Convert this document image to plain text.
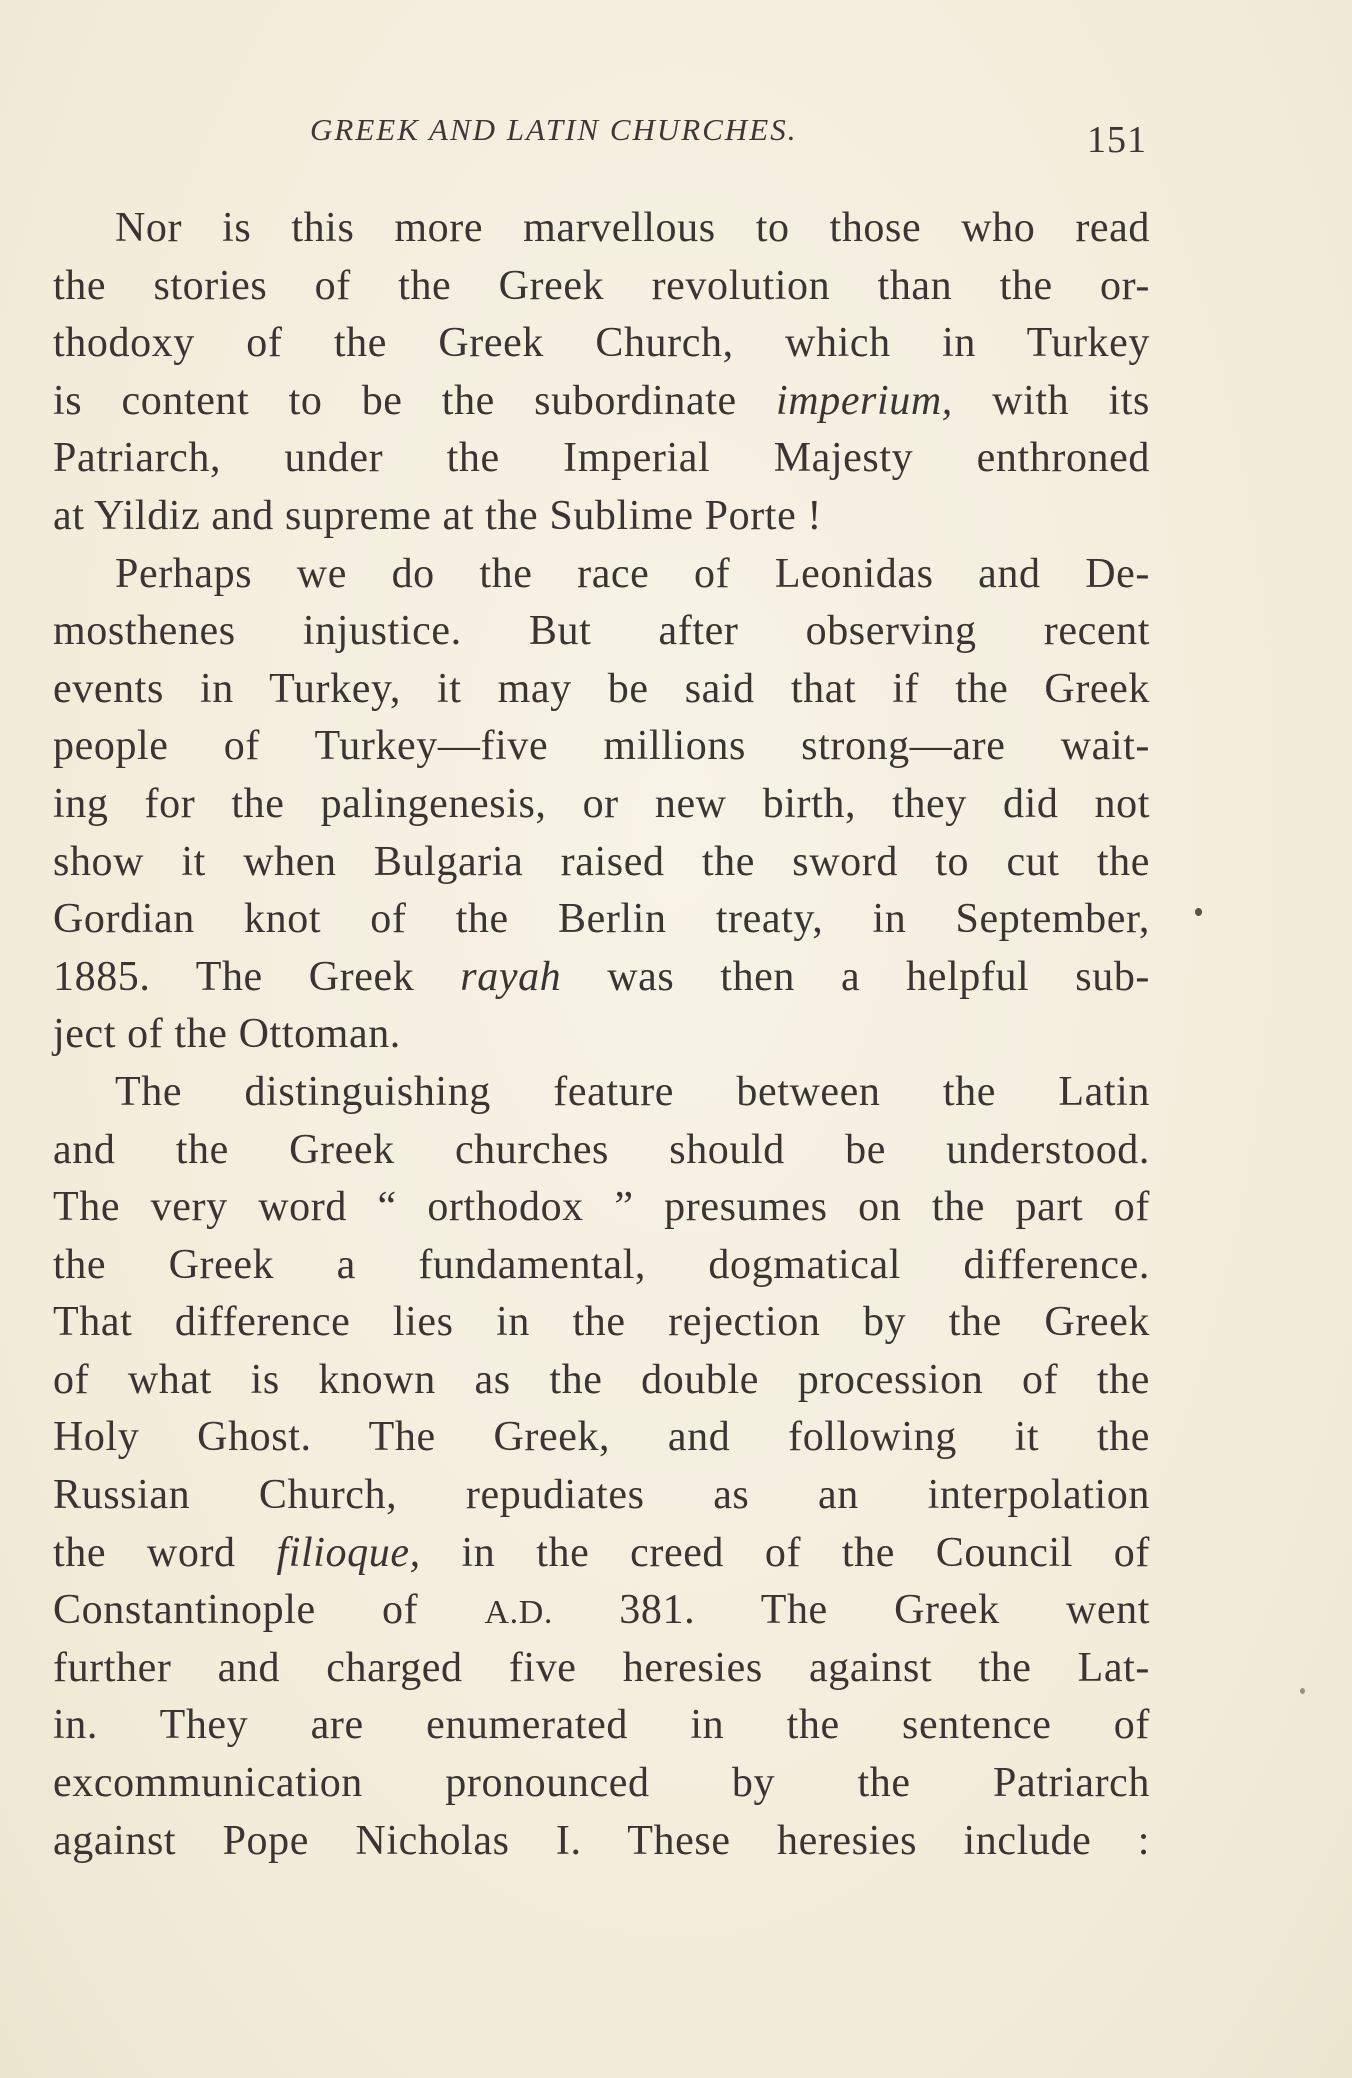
GREEK AND LATIN CHURCHES.	151
Nor is this more marvellous to those who read
the stories of the Greek revolution than the or-
thodoxy of the Greek Church, which in Turkey
is content to be the subordinate imperium, with its
Patriarch, under the Imperial Majesty enthroned
at Yildiz and supreme at the Sublime Porte !
Perhaps we do the race of Leonidas and De-
mosthenes injustice. But after observing recent
events in Turkey, it may be said that if the Greek
people of Turkey—five millions strong—are wait-
ing for the palingenesis, or new birth, they did not
show it when Bulgaria raised the sword to cut the
Gordian knot of the Berlin treaty, in September,
1885. The Greek rayah was then a helpful sub-
ject of the Ottoman.
The distinguishing feature between the Latin
and the Greek churches should be understood.
The very word “ orthodox ” presumes on the part of
the Greek a fundamental, dogmatical difference.
That difference lies in the rejection by the Greek
of what is known as the double procession of the
Holy Ghost. The Greek, and following it the
Russian Church, repudiates as an interpolation
the word filioque, in the creed of the Council of
Constantinople of A.D. 381. The Greek went
further and charged five heresies against the Lat-
in. They are enumerated in the sentence of
excommunication pronounced by the Patriarch
against Pope Nicholas I. These heresies include :
